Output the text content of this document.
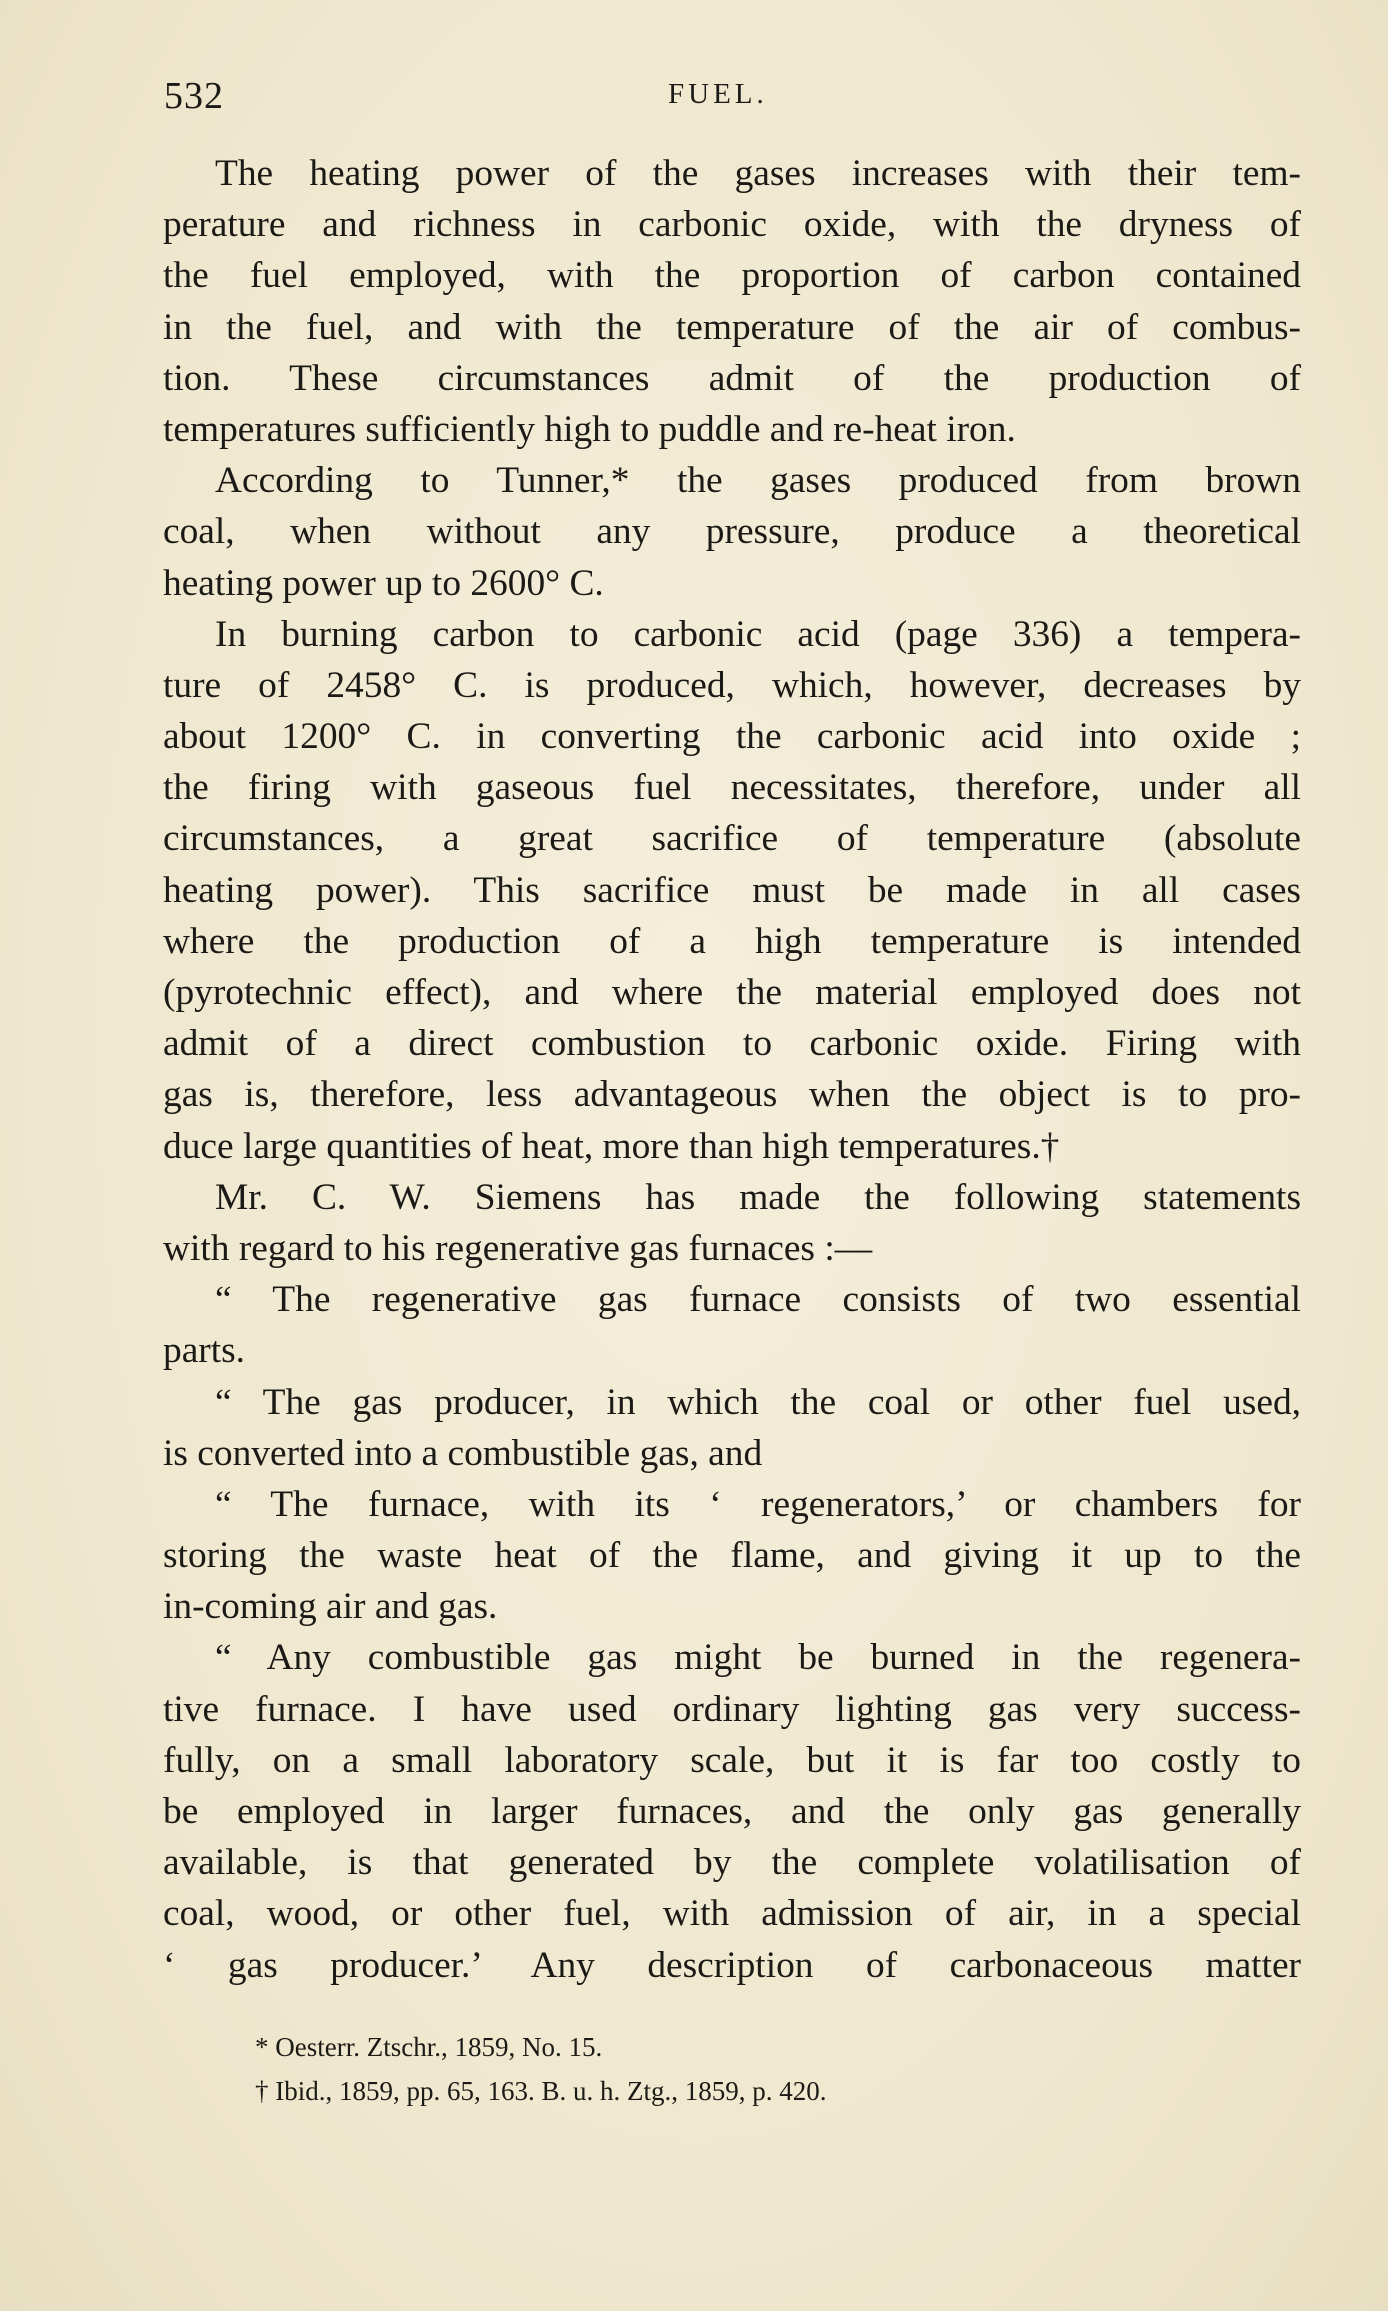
532	FUEL.
The heating power of the gases increases with their tem-
perature and richness in carbonic oxide, with the dryness of
the fuel employed, with the proportion of carbon contained
in the fuel, and with the temperature of the air of combus-
tion. These circumstances admit of the production of
temperatures sufficiently high to puddle and re-heat iron.
According to Tunner,* the gases produced from brown
coal, when without any pressure, produce a theoretical
heating power up to 2600° C.
In burning carbon to carbonic acid (page 336) a tempera-
ture of 2458° C. is produced, which, however, decreases by
about 1200° C. in converting the carbonic acid into oxide ;
the firing with gaseous fuel necessitates, therefore, under all
circumstances, a great sacrifice of temperature (absolute
heating power). This sacrifice must be made in all cases
where the production of a high temperature is intended
(pyrotechnic effect), and where the material employed does not
admit of a direct combustion to carbonic oxide. Firing with
gas is, therefore, less advantageous when the object is to pro-
duce large quantities of heat, more than high temperatures.†
Mr. C. W. Siemens has made the following statements
with regard to his regenerative gas furnaces :—
“ The regenerative gas furnace consists of two essential
parts.
“ The gas producer, in which the coal or other fuel used,
is converted into a combustible gas, and
“ The furnace, with its ‘ regenerators,’ or chambers for
storing the waste heat of the flame, and giving it up to the
in-coming air and gas.
“ Any combustible gas might be burned in the regenera-
tive furnace. I have used ordinary lighting gas very success-
fully, on a small laboratory scale, but it is far too costly to
be employed in larger furnaces, and the only gas generally
available, is that generated by the complete volatilisation of
coal, wood, or other fuel, with admission of air, in a special
‘ gas producer.’ Any description of carbonaceous matter
* Oesterr. Ztschr., 1859, No. 15.
† Ibid., 1859, pp. 65, 163. B. u. h. Ztg., 1859, p. 420.
